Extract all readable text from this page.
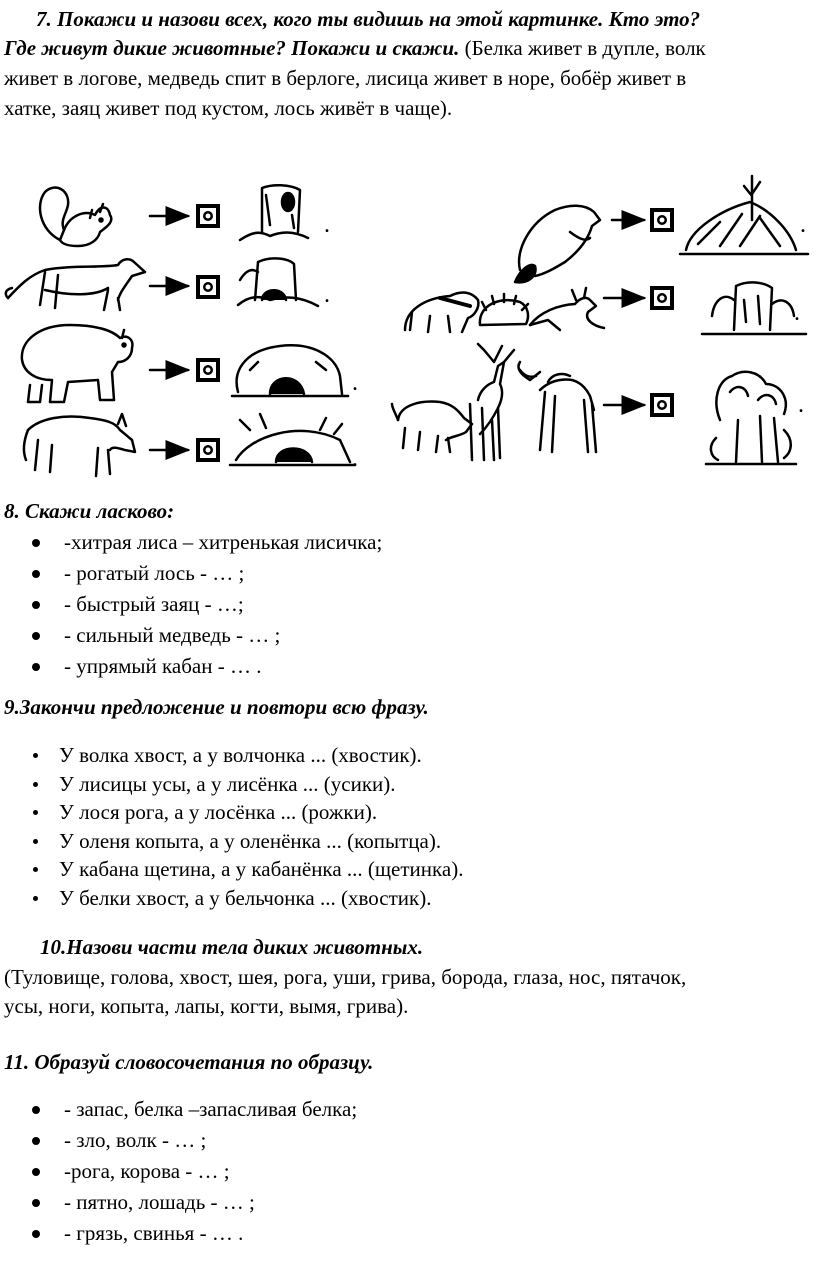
7. Покажи и назови всех, кого ты видишь на этой картинке. Кто это?
Где живут дикие животные? Покажи и скажи. (Белка живет в дупле, волк
живет в логове, медведь спит в берлоге, лисица живет в норе, бобёр живет в
хатке, заяц живет под кустом, лось живёт в чаще).
.
.
.
.
.
.
.
8. Скажи ласково:
-хитрая лиса – хитренькая лисичка;
- рогатый лось - … ;
- быстрый заяц - …;
- сильный медведь - … ;
- упрямый кабан - … .
9.Закончи предложение и повтори всю фразу.
У волка хвост, а у волчонка ... (хвостик).
У лисицы усы, а у лисёнка ... (усики).
У лося рога, а у лосёнка ... (рожки).
У оленя копыта, а у оленёнка ... (копытца).
У кабана щетина, а у кабанёнка ... (щетинка).
У белки хвост, а у бельчонка ... (хвостик).
10.Назови части тела диких животных.
(Туловище, голова, хвост, шея, рога, уши, грива, борода, глаза, нос, пятачок,
усы, ноги, копыта, лапы, когти, вымя, грива).
11. Образуй словосочетания по образцу.
- запас, белка –запасливая белка;
- зло, волк - … ;
-рога, корова - … ;
- пятно, лошадь - … ;
- грязь, свинья - … .
